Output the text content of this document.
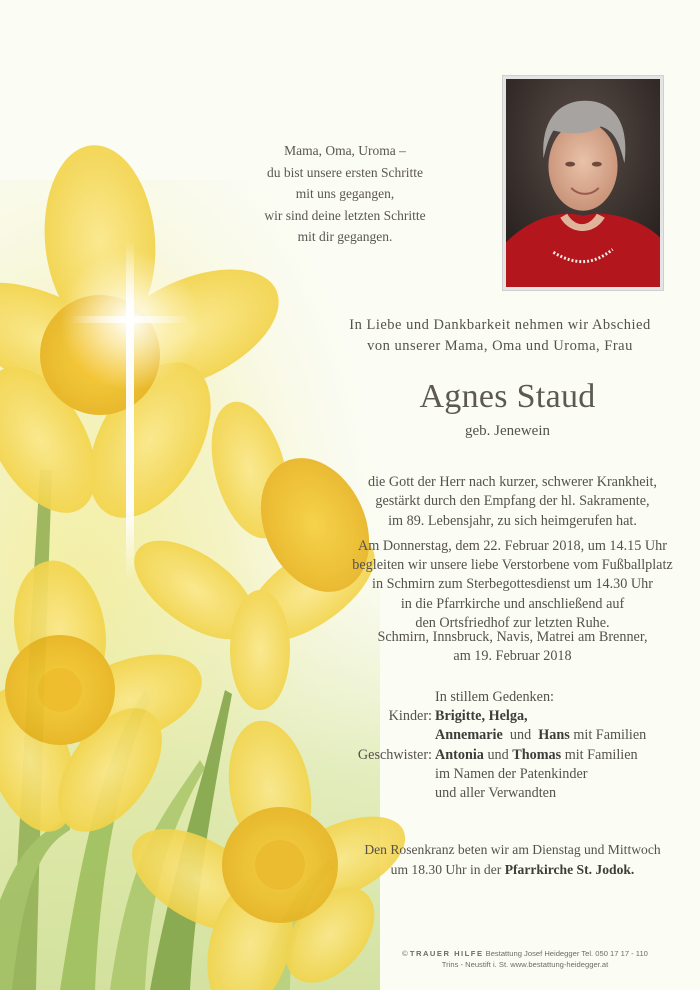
Mama, Oma, Uroma –
du bist unsere ersten Schritte
mit uns gegangen,
wir sind deine letzten Schritte
mit dir gegangen.
In Liebe und Dankbarkeit nehmen wir Abschied
von unserer Mama, Oma und Uroma, Frau
Agnes Staud
geb. Jenewein
die Gott der Herr nach kurzer, schwerer Krankheit,
gestärkt durch den Empfang der hl. Sakramente,
im 89. Lebensjahr, zu sich heimgerufen hat.
Am Donnerstag, dem 22. Februar 2018, um 14.15 Uhr
begleiten wir unsere liebe Verstorbene vom Fußballplatz
in Schmirn zum Sterbegottesdienst um 14.30 Uhr
in die Pfarrkirche und anschließend auf
den Ortsfriedhof zur letzten Ruhe.
Schmirn, Innsbruck, Navis, Matrei am Brenner,
am 19. Februar 2018
In stillem Gedenken:
Kinder: Brigitte, Helga,
Annemarie und Hans mit Familien
Geschwister: Antonia und Thomas mit Familien
im Namen der Patenkinder
und aller Verwandten
Den Rosenkranz beten wir am Dienstag und Mittwoch
um 18.30 Uhr in der Pfarrkirche St. Jodok.
© TRAUER HILFE Bestattung Josef Heidegger Tel. 050 17 17 - 110
Trins - Neustift i. St. www.bestattung-heidegger.at
